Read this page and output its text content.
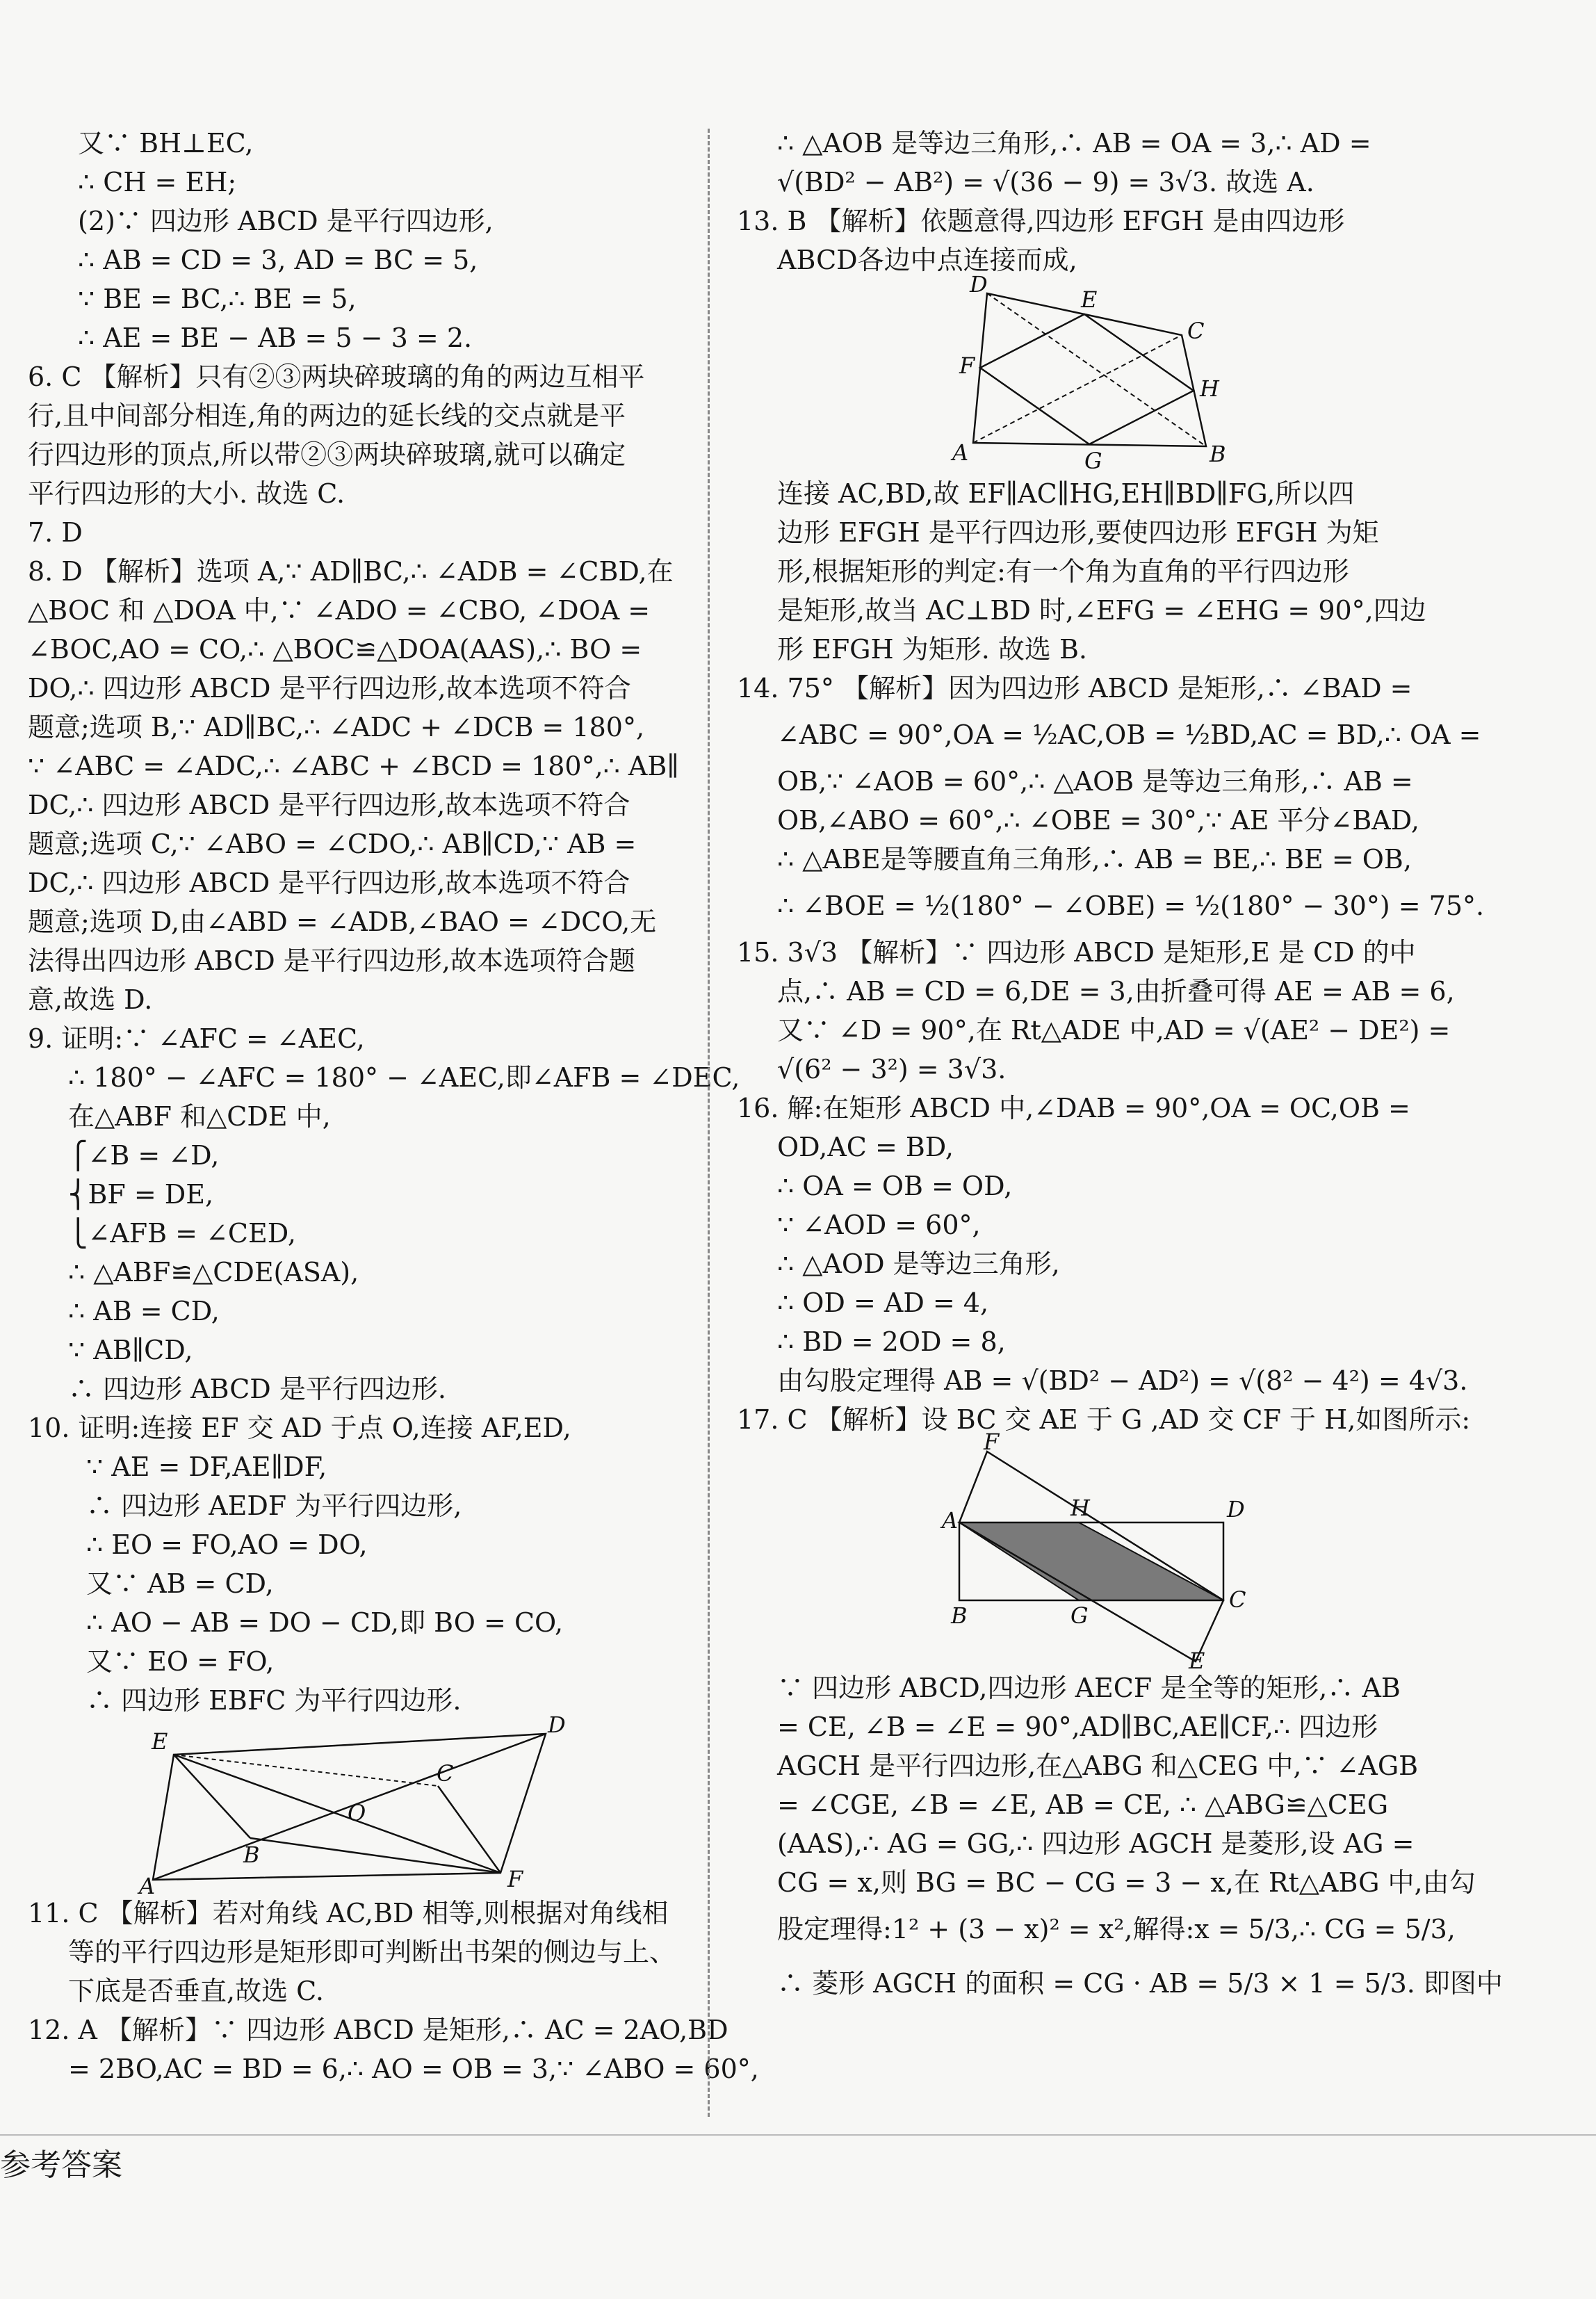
又∵ BH⊥EC,
∴ CH = EH;
(2)∵ 四边形 ABCD 是平行四边形,
∴ AB = CD = 3, AD = BC = 5,
∵ BE = BC,∴ BE = 5,
∴ AE = BE − AB = 5 − 3 = 2.
6. C 【解析】只有②③两块碎玻璃的角的两边互相平
行,且中间部分相连,角的两边的延长线的交点就是平
行四边形的顶点,所以带②③两块碎玻璃,就可以确定
平行四边形的大小. 故选 C.
7. D
8. D 【解析】选项 A,∵ AD∥BC,∴ ∠ADB = ∠CBD,在
△BOC 和 △DOA 中,∵ ∠ADO = ∠CBO, ∠DOA =
∠BOC,AO = CO,∴ △BOC≌△DOA(AAS),∴ BO =
DO,∴ 四边形 ABCD 是平行四边形,故本选项不符合
题意;选项 B,∵ AD∥BC,∴ ∠ADC + ∠DCB = 180°,
∵ ∠ABC = ∠ADC,∴ ∠ABC + ∠BCD = 180°,∴ AB∥
DC,∴ 四边形 ABCD 是平行四边形,故本选项不符合
题意;选项 C,∵ ∠ABO = ∠CDO,∴ AB∥CD,∵ AB =
DC,∴ 四边形 ABCD 是平行四边形,故本选项不符合
题意;选项 D,由∠ABD = ∠ADB,∠BAO = ∠DCO,无
法得出四边形 ABCD 是平行四边形,故本选项符合题
意,故选 D.
9. 证明:∵ ∠AFC = ∠AEC,
∴ 180° − ∠AFC = 180° − ∠AEC,即∠AFB = ∠DEC,
在△ABF 和△CDE 中,
⎧∠B = ∠D,
⎨BF = DE,
⎩∠AFB = ∠CED,
∴ △ABF≌△CDE(ASA),
∴ AB = CD,
∵ AB∥CD,
∴ 四边形 ABCD 是平行四边形.
10. 证明:连接 EF 交 AD 于点 O,连接 AF,ED,
∵ AE = DF,AE∥DF,
∴ 四边形 AEDF 为平行四边形,
∴ EO = FO,AO = DO,
又∵ AB = CD,
∴ AO − AB = DO − CD,即 BO = CO,
又∵ EO = FO,
∴ 四边形 EBFC 为平行四边形.
E
D
C
O
B
A	F
11. C 【解析】若对角线 AC,BD 相等,则根据对角线相
等的平行四边形是矩形即可判断出书架的侧边与上、
下底是否垂直,故选 C.
12. A 【解析】∵ 四边形 ABCD 是矩形,∴ AC = 2AO,BD
= 2BO,AC = BD = 6,∴ AO = OB = 3,∵ ∠ABO = 60°,
∴ △AOB 是等边三角形,∴ AB = OA = 3,∴ AD =
√(BD² − AB²) = √(36 − 9) = 3√3. 故选 A.
13. B 【解析】依题意得,四边形 EFGH 是由四边形
ABCD各边中点连接而成,
D
E
C
F
H
A	G	B
连接 AC,BD,故 EF∥AC∥HG,EH∥BD∥FG,所以四
边形 EFGH 是平行四边形,要使四边形 EFGH 为矩
形,根据矩形的判定:有一个角为直角的平行四边形
是矩形,故当 AC⊥BD 时,∠EFG = ∠EHG = 90°,四边
形 EFGH 为矩形. 故选 B.
14. 75° 【解析】因为四边形 ABCD 是矩形,∴ ∠BAD =
∠ABC = 90°,OA = ½AC,OB = ½BD,AC = BD,∴ OA =
OB,∵ ∠AOB = 60°,∴ △AOB 是等边三角形,∴ AB =
OB,∠ABO = 60°,∴ ∠OBE = 30°,∵ AE 平分∠BAD,
∴ △ABE是等腰直角三角形,∴ AB = BE,∴ BE = OB,
∴ ∠BOE = ½(180° − ∠OBE) = ½(180° − 30°) = 75°.
15. 3√3 【解析】∵ 四边形 ABCD 是矩形,E 是 CD 的中
点,∴ AB = CD = 6,DE = 3,由折叠可得 AE = AB = 6,
又∵ ∠D = 90°,在 Rt△ADE 中,AD = √(AE² − DE²) =
√(6² − 3²) = 3√3.
16. 解:在矩形 ABCD 中,∠DAB = 90°,OA = OC,OB =
OD,AC = BD,
∴ OA = OB = OD,
∵ ∠AOD = 60°,
∴ △AOD 是等边三角形,
∴ OD = AD = 4,
∴ BD = 2OD = 8,
由勾股定理得 AB = √(BD² − AD²) = √(8² − 4²) = 4√3.
17. C 【解析】设 BC 交 AE 于 G ,AD 交 CF 于 H,如图所示:
F
A	H	D
B	G
C
E
∵ 四边形 ABCD,四边形 AECF 是全等的矩形,∴ AB
= CE, ∠B = ∠E = 90°,AD∥BC,AE∥CF,∴ 四边形
AGCH 是平行四边形,在△ABG 和△CEG 中,∵ ∠AGB
= ∠CGE, ∠B = ∠E, AB = CE, ∴ △ABG≌△CEG
(AAS),∴ AG = GG,∴ 四边形 AGCH 是菱形,设 AG =
CG = x,则 BG = BC − CG = 3 − x,在 Rt△ABG 中,由勾
股定理得:1² + (3 − x)² = x²,解得:x = 5/3,∴ CG = 5/3,
∴ 菱形 AGCH 的面积 = CG · AB = 5/3 × 1 = 5/3. 即图中
参考答案
